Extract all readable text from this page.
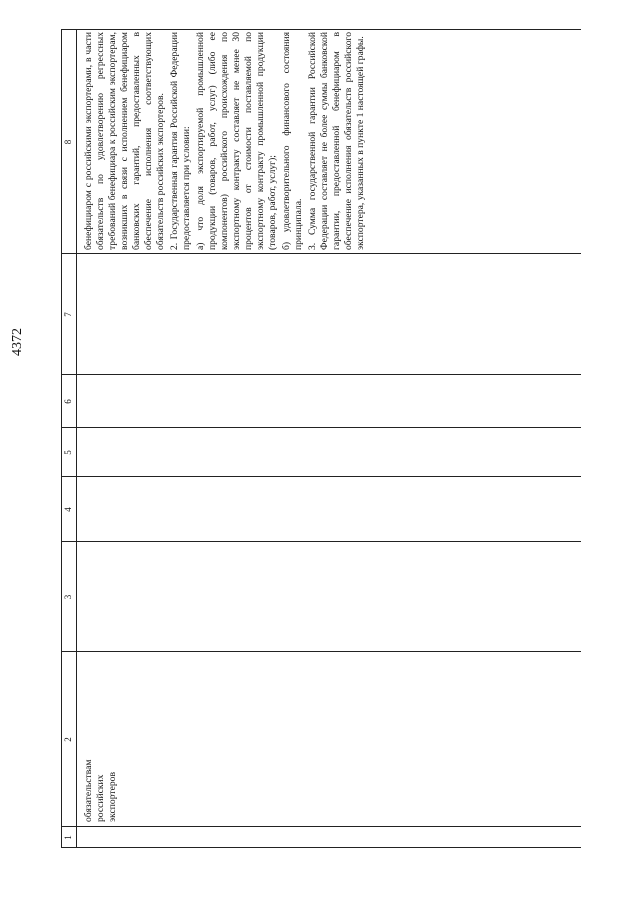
4372
1
2
3
4
5
6
7
8
обязательствам российских экспортеров

бенефициаром с российскими экспортерами, в части обязательств по удовлетворению регрессных требований бенефициара к российским экспортерам, возникших в связи с исполнением бенефициаром банковских гарантий, предоставленных в обеспечение исполнения соответствующих обязательств российских экспортеров. 2. Государственная гарантия Российской Федерации предоставляется при условии: а) что доля экспортируемой промышленной продукции (товаров, работ, услуг) (либо ее компонентов) российского происхождения по экспортному контракту составляет не менее 30 процентов от стоимости поставляемой по экспортному контракту промышленной продукции (товаров, работ, услуг); б) удовлетворительного финансового состояния принципала. 3. Сумма государственной гарантии Российской Федерации составляет не более суммы банковской гарантии, предоставленной бенефициаром в обеспечение исполнения обязательств российского экспортера, указанных в пункте 1 настоящей графы.
